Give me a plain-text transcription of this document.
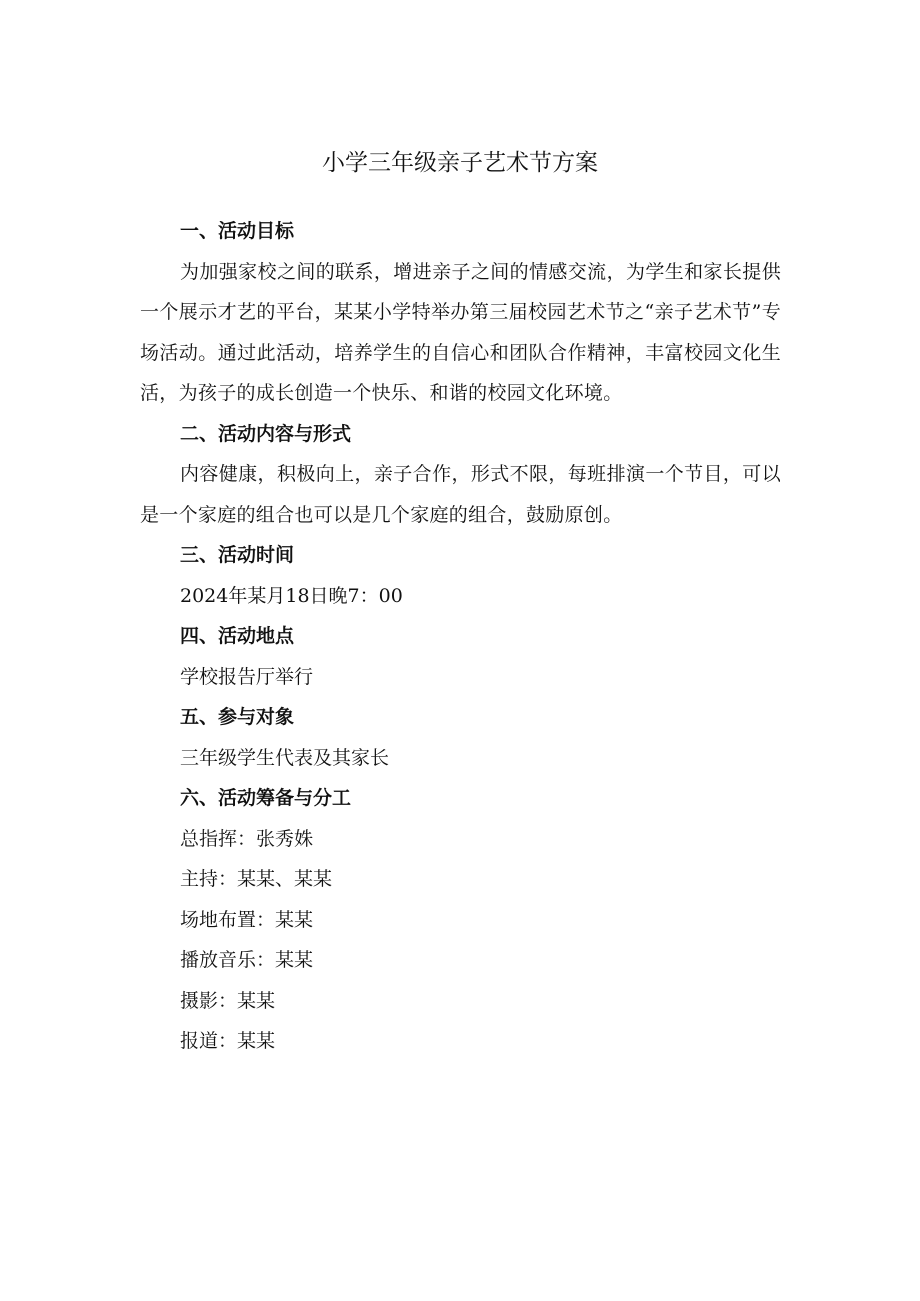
小学三年级亲子艺术节方案
一、活动目标

为加强家校之间的联系，增进亲子之间的情感交流，为学生和家长提供一个展示才艺的平台，某某小学特举办第三届校园艺术节之“亲子艺术节”专场活动。通过此活动，培养学生的自信心和团队合作精神，丰富校园文化生活，为孩子的成长创造一个快乐、和谐的校园文化环境。

二、活动内容与形式

内容健康，积极向上，亲子合作，形式不限，每班排演一个节目，可以是一个家庭的组合也可以是几个家庭的组合，鼓励原创。

三、活动时间

2024年某月18日晚7：00

四、活动地点

学校报告厅举行

五、参与对象

三年级学生代表及其家长

六、活动筹备与分工

总指挥：张秀姝

主持：某某、某某

场地布置：某某

播放音乐：某某

摄影：某某

报道：某某
